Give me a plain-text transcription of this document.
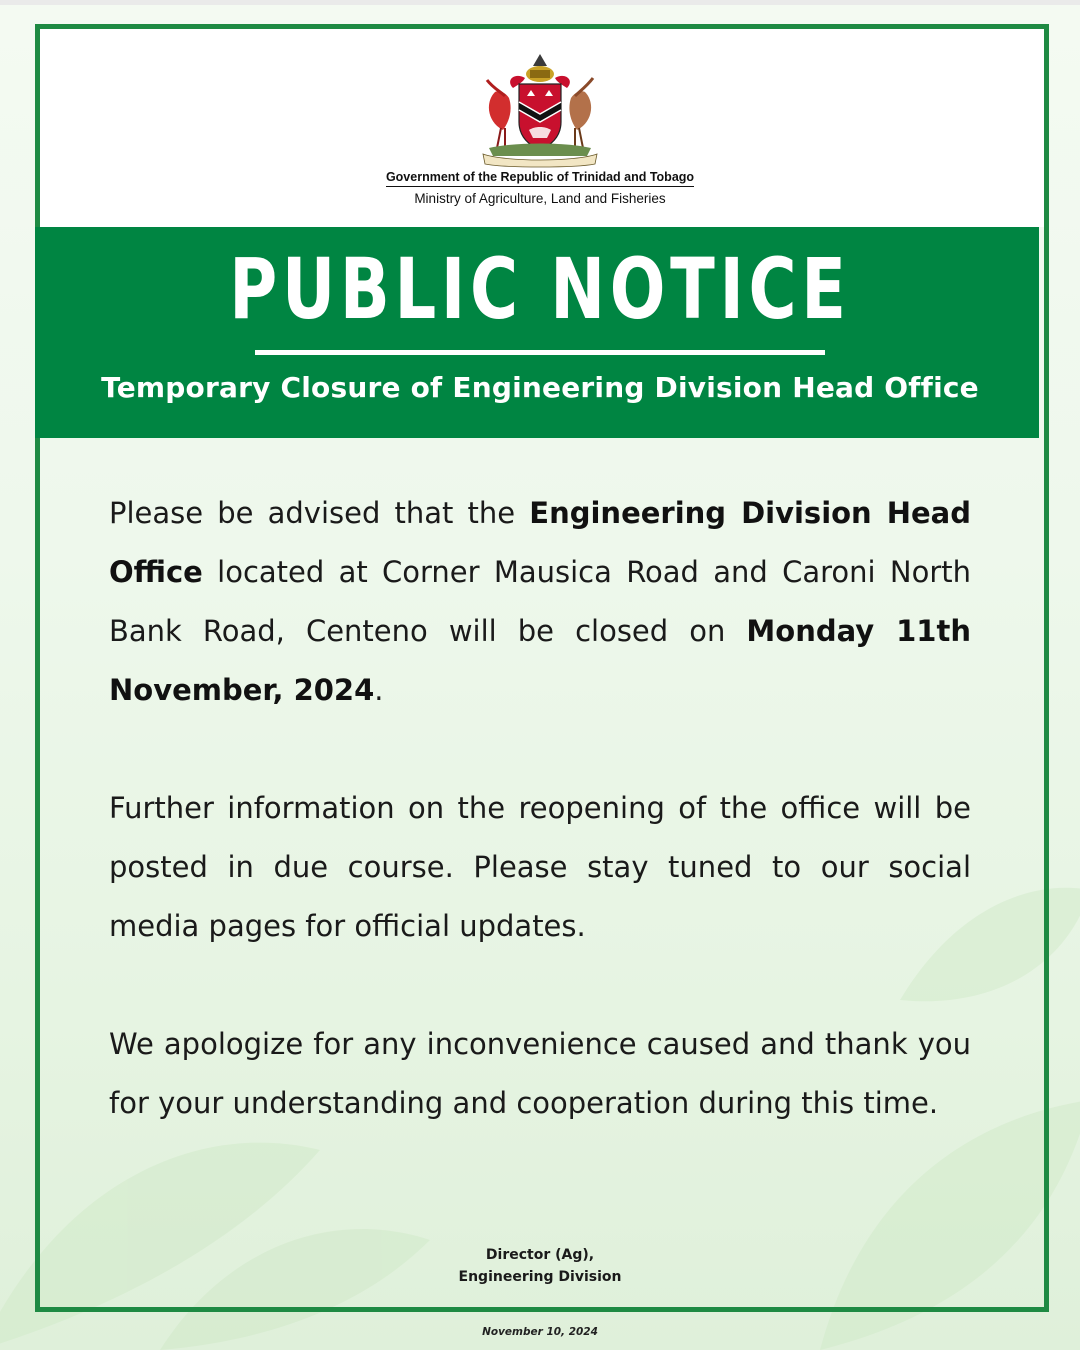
Government of the Republic of Trinidad and Tobago
Ministry of Agriculture, Land and Fisheries
PUBLIC NOTICE
Temporary Closure of Engineering Division Head Office
Please be advised that the Engineering Division Head Office located at Corner Mausica Road and Caroni North Bank Road, Centeno will be closed on Monday 11th November, 2024.
Further information on the reopening of the office will be posted in due course. Please stay tuned to our social media pages for official updates.
We apologize for any inconvenience caused and thank you for your understanding and cooperation during this time.
Director (Ag),
Engineering Division
November 10, 2024
